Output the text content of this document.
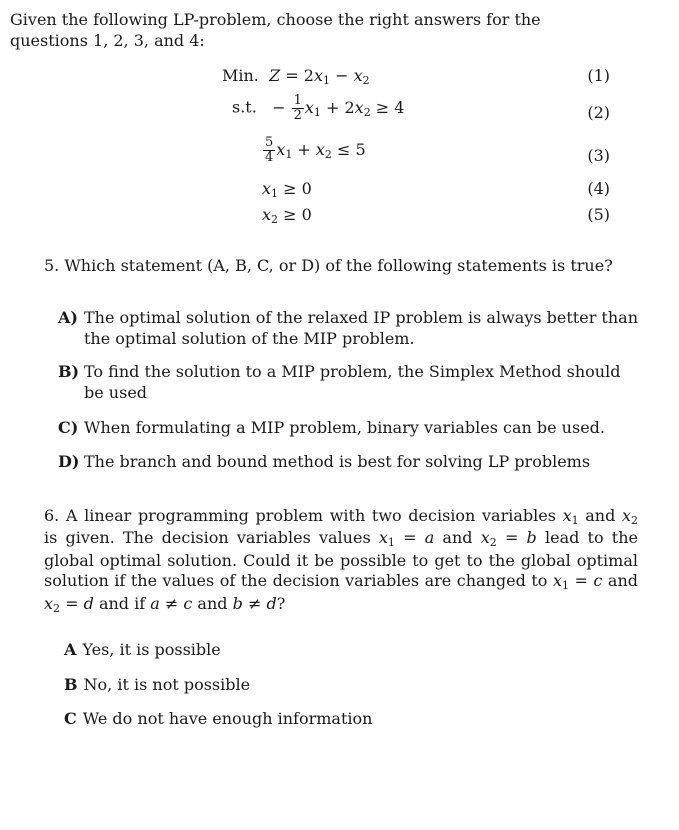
Given the following LP-problem, choose the right answers for the questions 1, 2, 3, and 4:
Min. $Z = 2x_1 - x_2$	(1)
s.t.   − $\frac{1}{2} x_1 + 2x_2 \ge 4$	(2)
$\frac{5}{4} x_1 + x_2 \le 5$	(3)
$x_1 \ge 0$	(4)
$x_2 \ge 0$	(5)
5. Which statement (A, B, C, or D) of the following statements is true?
A) The optimal solution of the relaxed IP problem is always better than the optimal solution of the MIP problem.
B) To find the solution to a MIP problem, the Simplex Method should be used
C) When formulating a MIP problem, binary variables can be used.
D) The branch and bound method is best for solving LP problems
6. A linear programming problem with two decision variables $x_1$ and $x_2$ is given. The decision variables values $x_1 = a$ and $x_2 = b$ lead to the global optimal solution. Could it be possible to get to the global optimal solution if the values of the decision variables are changed to $x_1 = c$ and $x_2 = d$ and if a ≠ c and b ≠ d?
A Yes, it is possible
B No, it is not possible
C We do not have enough information
